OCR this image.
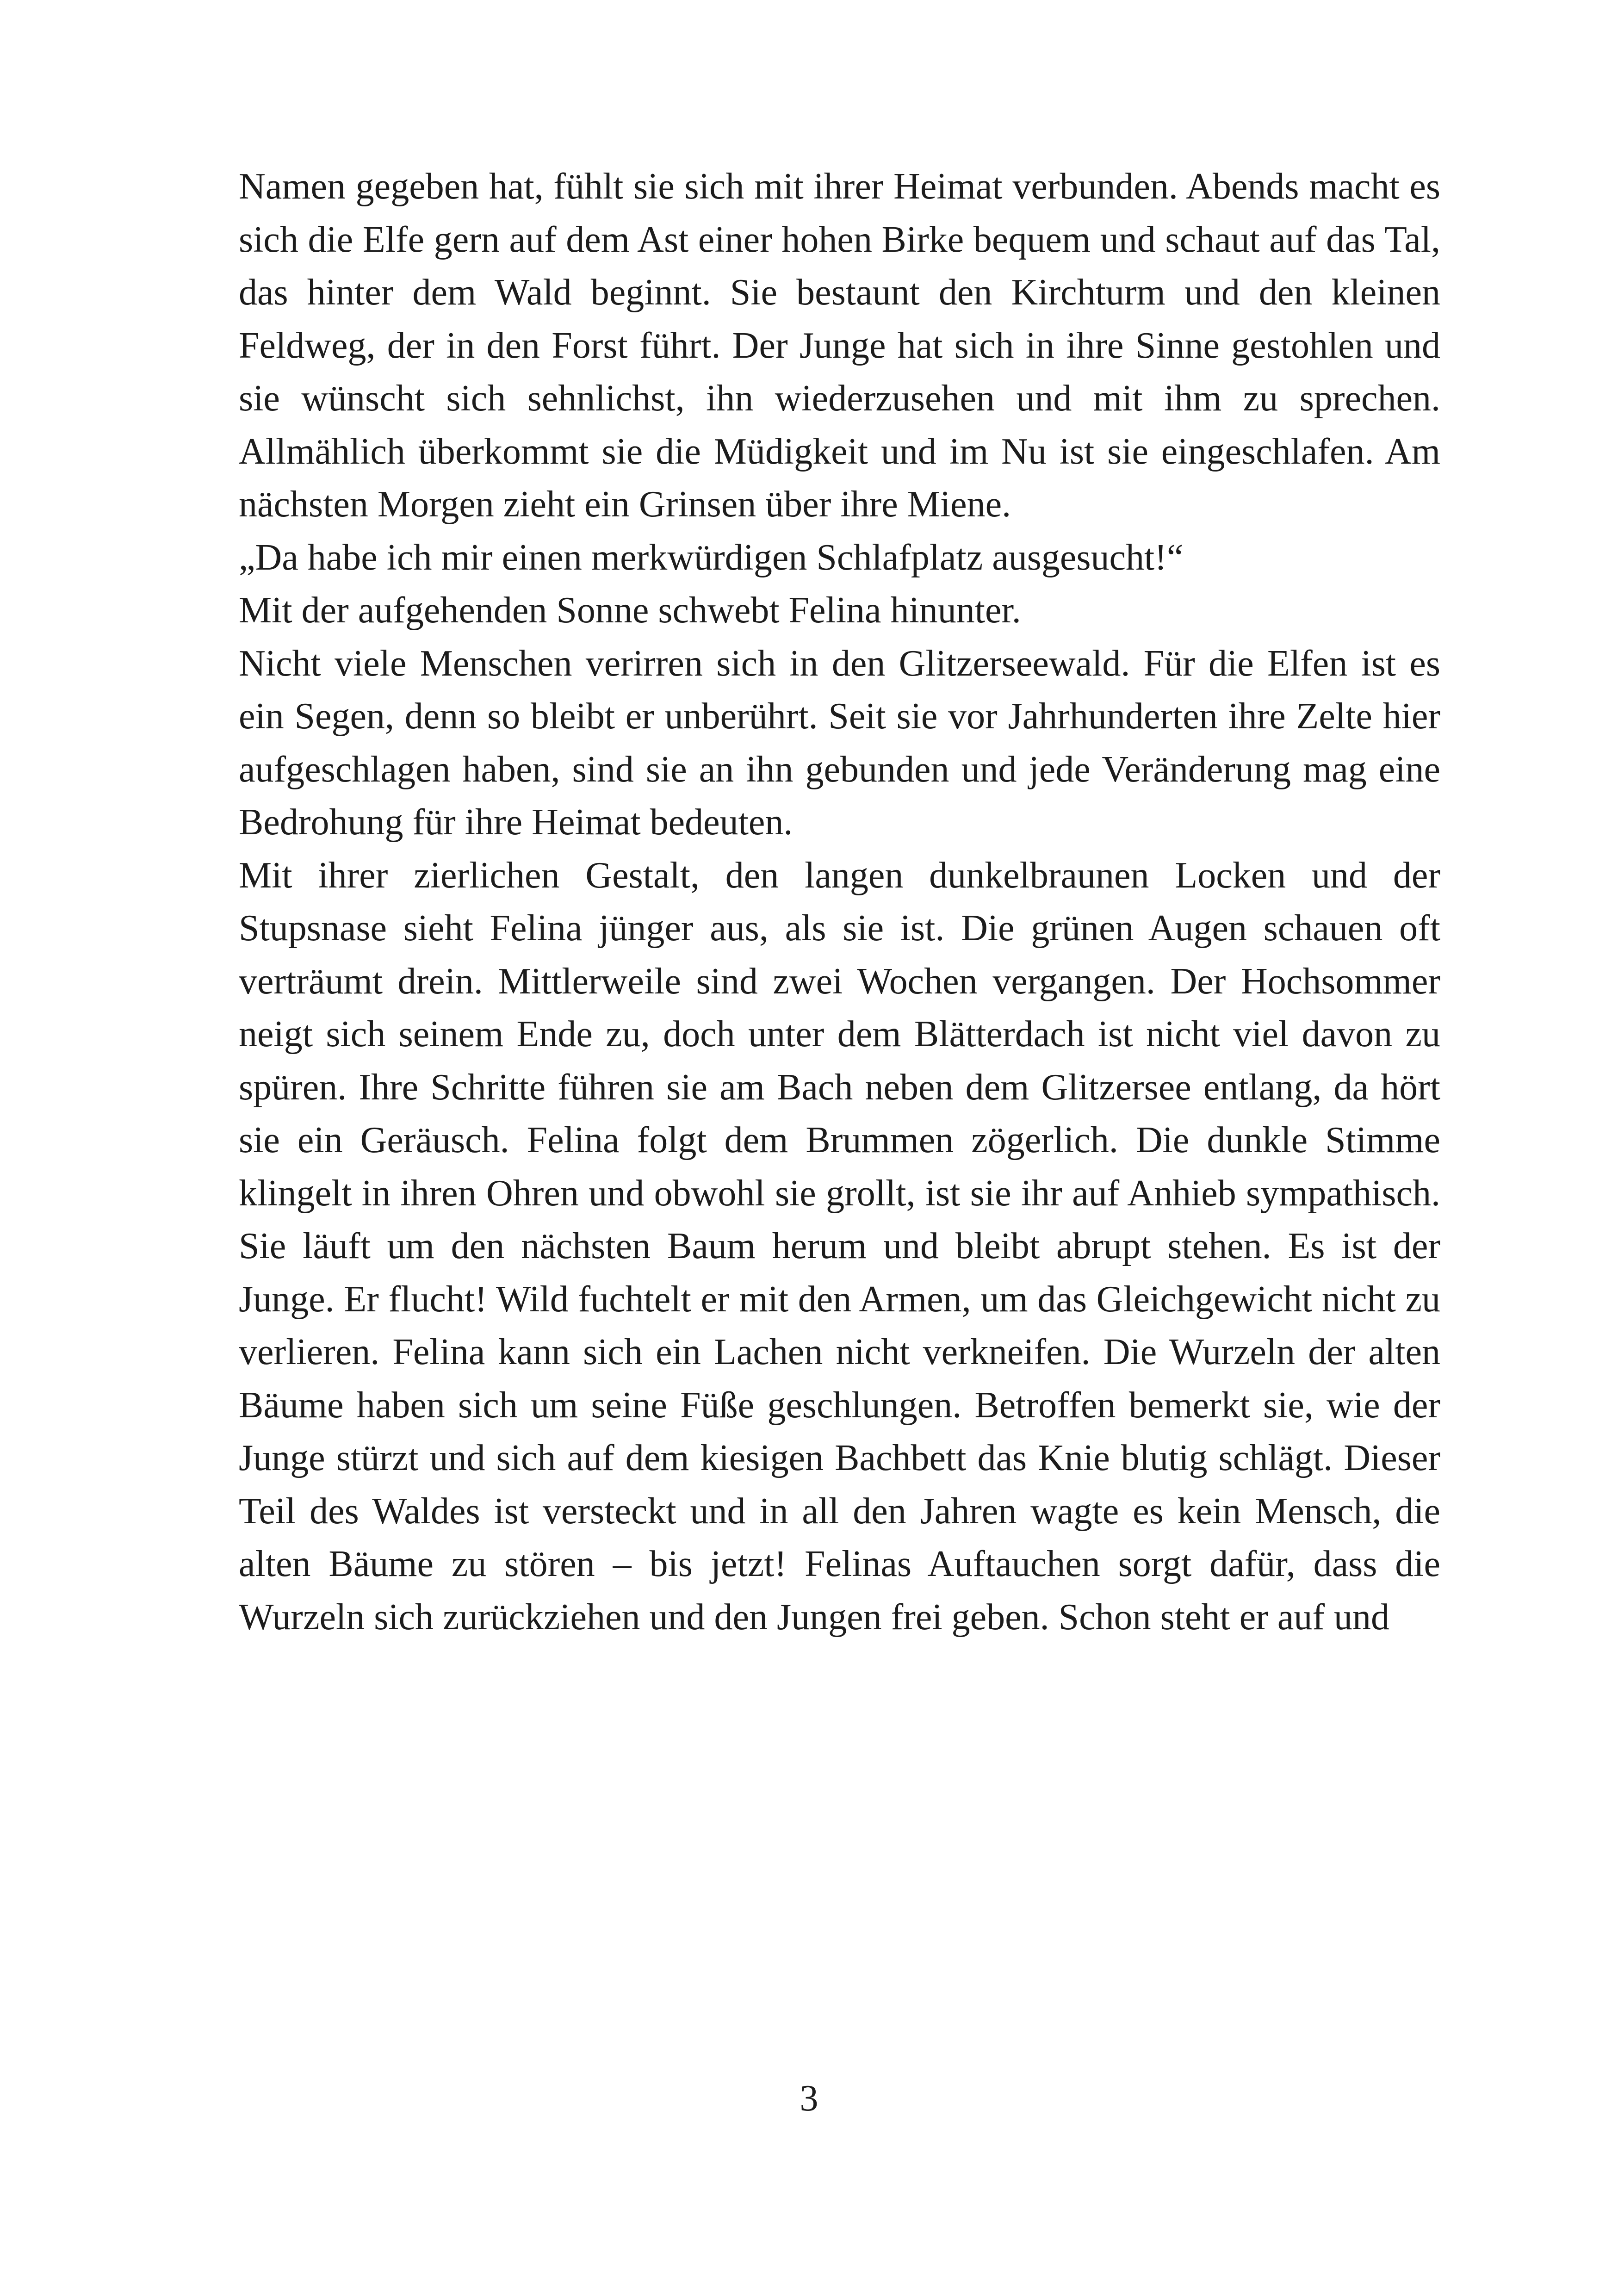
Namen gegeben hat, fühlt sie sich mit ihrer Heimat verbunden. Abends macht es sich die Elfe gern auf dem Ast einer hohen Birke bequem und schaut auf das Tal, das hinter dem Wald beginnt. Sie bestaunt den Kirchturm und den kleinen Feldweg, der in den Forst führt. Der Junge hat sich in ihre Sinne gestohlen und sie wünscht sich sehnlichst, ihn wiederzusehen und mit ihm zu sprechen. Allmählich überkommt sie die Müdigkeit und im Nu ist sie eingeschlafen. Am nächsten Morgen zieht ein Grinsen über ihre Miene.

„Da habe ich mir einen merkwürdigen Schlafplatz ausgesucht!“

Mit der aufgehenden Sonne schwebt Felina hinunter.

Nicht viele Menschen verirren sich in den Glitzerseewald. Für die Elfen ist es ein Segen, denn so bleibt er unberührt. Seit sie vor Jahrhunderten ihre Zelte hier aufgeschlagen haben, sind sie an ihn gebunden und jede Veränderung mag eine Bedrohung für ihre Heimat bedeuten.

Mit ihrer zierlichen Gestalt, den langen dunkelbraunen Locken und der Stupsnase sieht Felina jünger aus, als sie ist. Die grünen Augen schauen oft verträumt drein. Mittlerweile sind zwei Wochen vergangen. Der Hochsommer neigt sich seinem Ende zu, doch unter dem Blätterdach ist nicht viel davon zu spüren. Ihre Schritte führen sie am Bach neben dem Glitzersee entlang, da hört sie ein Geräusch. Felina folgt dem Brummen zögerlich. Die dunkle Stimme klingelt in ihren Ohren und obwohl sie grollt, ist sie ihr auf Anhieb sympathisch. Sie läuft um den nächsten Baum herum und bleibt abrupt stehen. Es ist der Junge. Er flucht! Wild fuchtelt er mit den Armen, um das Gleichgewicht nicht zu verlieren. Felina kann sich ein Lachen nicht verkneifen. Die Wurzeln der alten Bäume haben sich um seine Füße geschlungen. Betroffen bemerkt sie, wie der Junge stürzt und sich auf dem kiesigen Bachbett das Knie blutig schlägt. Dieser Teil des Waldes ist versteckt und in all den Jahren wagte es kein Mensch, die alten Bäume zu stören – bis jetzt! Felinas Auftauchen sorgt dafür, dass die Wurzeln sich zurückziehen und den Jungen frei geben. Schon steht er auf und

3
